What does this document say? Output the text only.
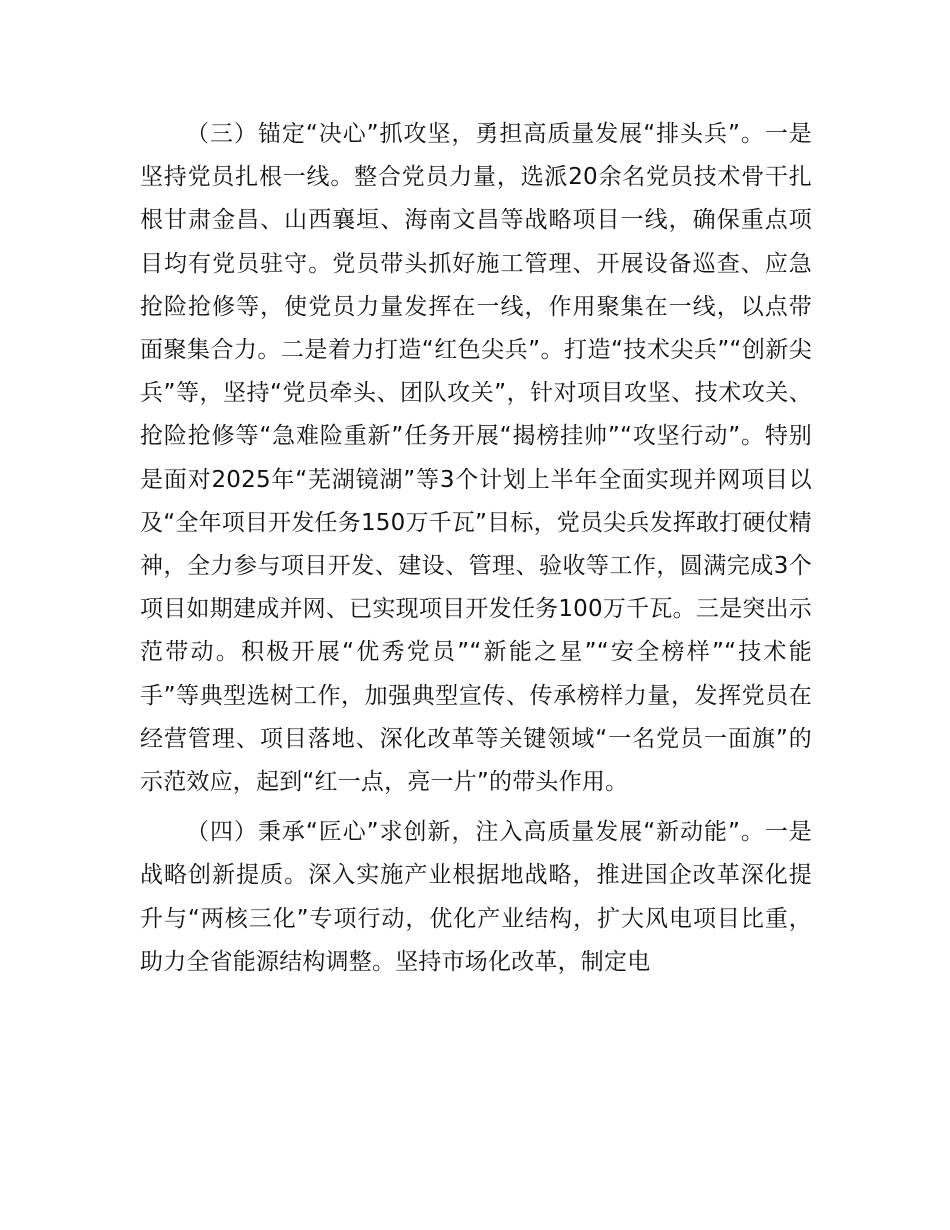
（三）锚定“决心”抓攻坚，勇担高质量发展“排头兵”。一是坚持党员扎根一线。整合党员力量，选派20余名党员技术骨干扎根甘肃金昌、山西襄垣、海南文昌等战略项目一线，确保重点项目均有党员驻守。党员带头抓好施工管理、开展设备巡查、应急抢险抢修等，使党员力量发挥在一线，作用聚集在一线，以点带面聚集合力。二是着力打造“红色尖兵”。打造“技术尖兵”“创新尖兵”等，坚持“党员牵头、团队攻关”，针对项目攻坚、技术攻关、抢险抢修等“急难险重新”任务开展“揭榜挂帅”“攻坚行动”。特别是面对2025年“芜湖镜湖”等3个计划上半年全面实现并网项目以及“全年项目开发任务150万千瓦”目标，党员尖兵发挥敢打硬仗精神，全力参与项目开发、建设、管理、验收等工作，圆满完成3个项目如期建成并网、已实现项目开发任务100万千瓦。三是突出示范带动。积极开展“优秀党员”“新能之星”“安全榜样”“技术能手”等典型选树工作，加强典型宣传、传承榜样力量，发挥党员在经营管理、项目落地、深化改革等关键领域“一名党员一面旗”的示范效应，起到“红一点，亮一片”的带头作用。

（四）秉承“匠心”求创新，注入高质量发展“新动能”。一是战略创新提质。深入实施产业根据地战略，推进国企改革深化提升与“两核三化”专项行动，优化产业结构，扩大风电项目比重，助力全省能源结构调整。坚持市场化改革，制定电
